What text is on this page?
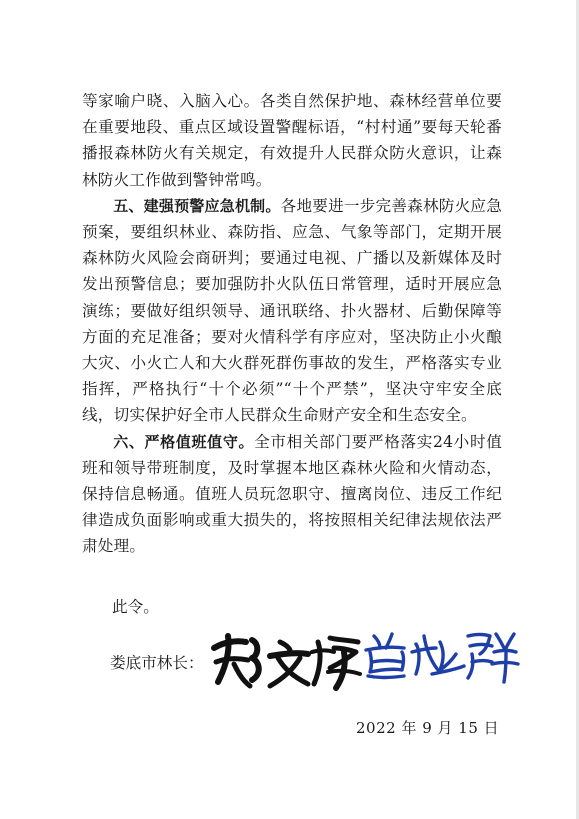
等家喻户晓、入脑入心。各类自然保护地、森林经营单位要在重要地段、重点区域设置警醒标语，“村村通”要每天轮番播报森林防火有关规定，有效提升人民群众防火意识，让森林防火工作做到警钟常鸣。

五、建强预警应急机制。各地要进一步完善森林防火应急预案，要组织林业、森防指、应急、气象等部门，定期开展森林防火风险会商研判；要通过电视、广播以及新媒体及时发出预警信息；要加强防扑火队伍日常管理，适时开展应急演练；要做好组织领导、通讯联络、扑火器材、后勤保障等方面的充足准备；要对火情科学有序应对，坚决防止小火酿大灾、小火亡人和大火群死群伤事故的发生，严格落实专业指挥，严格执行“十个必须”“十个严禁”，坚决守牢安全底线，切实保护好全市人民群众生命财产安全和生态安全。

六、严格值班值守。全市相关部门要严格落实24小时值班和领导带班制度，及时掌握本地区森林火险和火情动态，保持信息畅通。值班人员玩忽职守、擅离岗位、违反工作纪律造成负面影响或重大损失的，将按照相关纪律法规依法严肃处理。

此令。
娄底市林长：
2022 年 9 月 15 日
